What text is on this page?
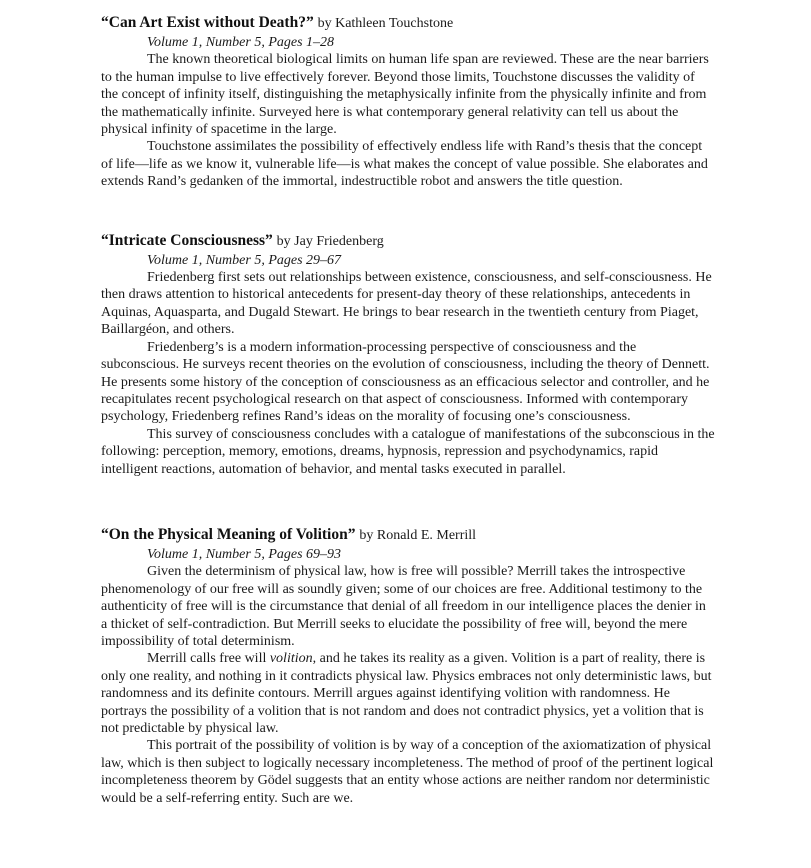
“Can Art Exist without Death?” by Kathleen Touchstone

Volume 1, Number 5, Pages 1–28

The known theoretical biological limits on human life span are reviewed. These are the near barriers to the human impulse to live effectively forever. Beyond those limits, Touchstone discusses the validity of the concept of infinity itself, distinguishing the metaphysically infinite from the physically infinite and from the mathematically infinite. Surveyed here is what contemporary general relativity can tell us about the physical infinity of spacetime in the large.

Touchstone assimilates the possibility of effectively endless life with Rand’s thesis that the concept of life—life as we know it, vulnerable life—is what makes the concept of value possible. She elaborates and extends Rand’s gedanken of the immortal, indestructible robot and answers the title question.

“Intricate Consciousness” by Jay Friedenberg

Volume 1, Number 5, Pages 29–67

Friedenberg first sets out relationships between existence, consciousness, and self-consciousness. He then draws attention to historical antecedents for present-day theory of these relationships, antecedents in Aquinas, Aquasparta, and Dugald Stewart. He brings to bear research in the twentieth century from Piaget, Baillargéon, and others.

Friedenberg’s is a modern information-processing perspective of consciousness and the subconscious. He surveys recent theories on the evolution of consciousness, including the theory of Dennett. He presents some history of the conception of consciousness as an efficacious selector and controller, and he recapitulates recent psychological research on that aspect of consciousness. Informed with contemporary psychology, Friedenberg refines Rand’s ideas on the morality of focusing one’s consciousness.

This survey of consciousness concludes with a catalogue of manifestations of the subconscious in the following: perception, memory, emotions, dreams, hypnosis, repression and psychodynamics, rapid intelligent reactions, automation of behavior, and mental tasks executed in parallel.

“On the Physical Meaning of Volition” by Ronald E. Merrill

Volume 1, Number 5, Pages 69–93

Given the determinism of physical law, how is free will possible? Merrill takes the introspective phenomenology of our free will as soundly given; some of our choices are free. Additional testimony to the authenticity of free will is the circumstance that denial of all freedom in our intelligence places the denier in a thicket of self-contradiction. But Merrill seeks to elucidate the possibility of free will, beyond the mere impossibility of total determinism.

Merrill calls free will volition, and he takes its reality as a given. Volition is a part of reality, there is only one reality, and nothing in it contradicts physical law. Physics embraces not only deterministic laws, but randomness and its definite contours. Merrill argues against identifying volition with randomness. He portrays the possibility of a volition that is not random and does not contradict physics, yet a volition that is not predictable by physical law.

This portrait of the possibility of volition is by way of a conception of the axiomatization of physical law, which is then subject to logically necessary incompleteness. The method of proof of the pertinent logical incompleteness theorem by Gödel suggests that an entity whose actions are neither random nor deterministic would be a self-referring entity. Such are we.
